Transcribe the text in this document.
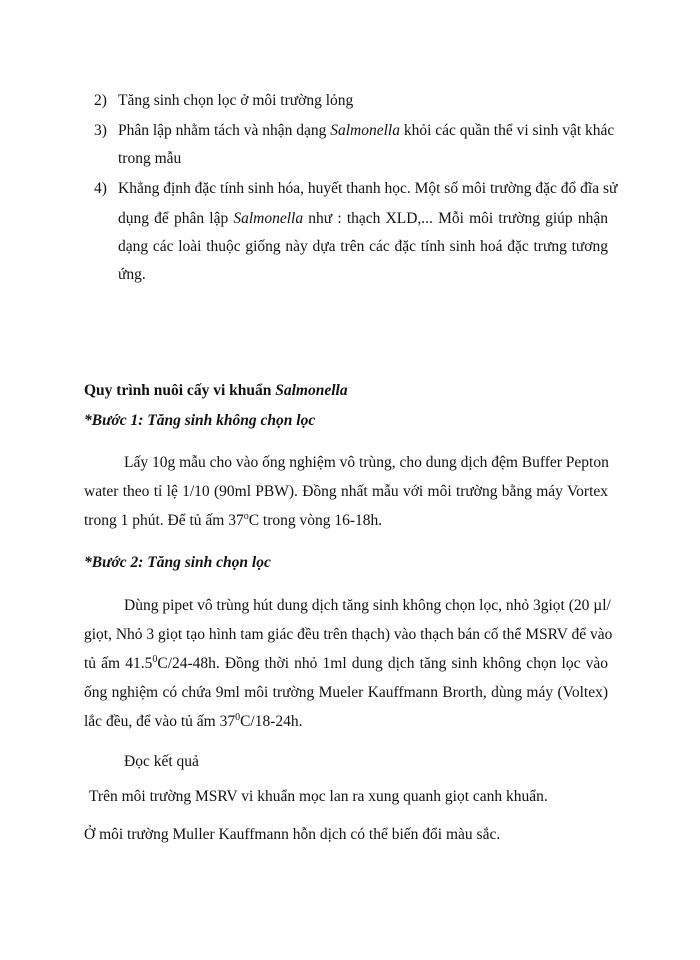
2) Tăng sinh chọn lọc ở môi trường lỏng
3) Phân lập nhằm tách và nhận dạng Salmonella khỏi các quần thể vi sinh vật khác
trong mẫu
4) Khẳng định đặc tính sinh hóa, huyết thanh học. Một số môi trường đặc đổ đĩa sử
dụng để phân lập Salmonella như : thạch XLD,... Mỗi môi trường giúp nhận
dạng các loài thuộc giống này dựa trên các đặc tính sinh hoá đặc trưng tương
ứng.
Quy trình nuôi cấy vi khuẩn Salmonella
*Bước 1: Tăng sinh không chọn lọc
Lấy 10g mẫu cho vào ống nghiệm vô trùng, cho dung dịch đệm Buffer Pepton
water theo tỉ lệ 1/10 (90ml PBW). Đồng nhất mẫu với môi trường bằng máy Vortex
trong 1 phút. Để tủ ấm 37$^o$C trong vòng 16-18h.
*Bước 2: Tăng sinh chọn lọc
Dùng pipet vô trùng hút dung dịch tăng sinh không chọn lọc, nhỏ 3giọt (20 µl/
giọt, Nhỏ 3 giọt tạo hình tam giác đều trên thạch) vào thạch bán cố thể MSRV để vào
tủ ấm 41.5$^0$C/24-48h. Đồng thời nhỏ 1ml dung dịch tăng sinh không chọn lọc vào
ống nghiệm có chứa 9ml môi trường Mueler Kauffmann Brorth, dùng máy (Voltex)
lắc đều, để vào tủ ấm $37^0C/18-24h$.
Đọc kết quả
Trên môi trường MSRV vi khuẩn mọc lan ra xung quanh giọt canh khuẩn.
Ở môi trường Muller Kauffmann hỗn dịch có thể biến đổi màu sắc.
